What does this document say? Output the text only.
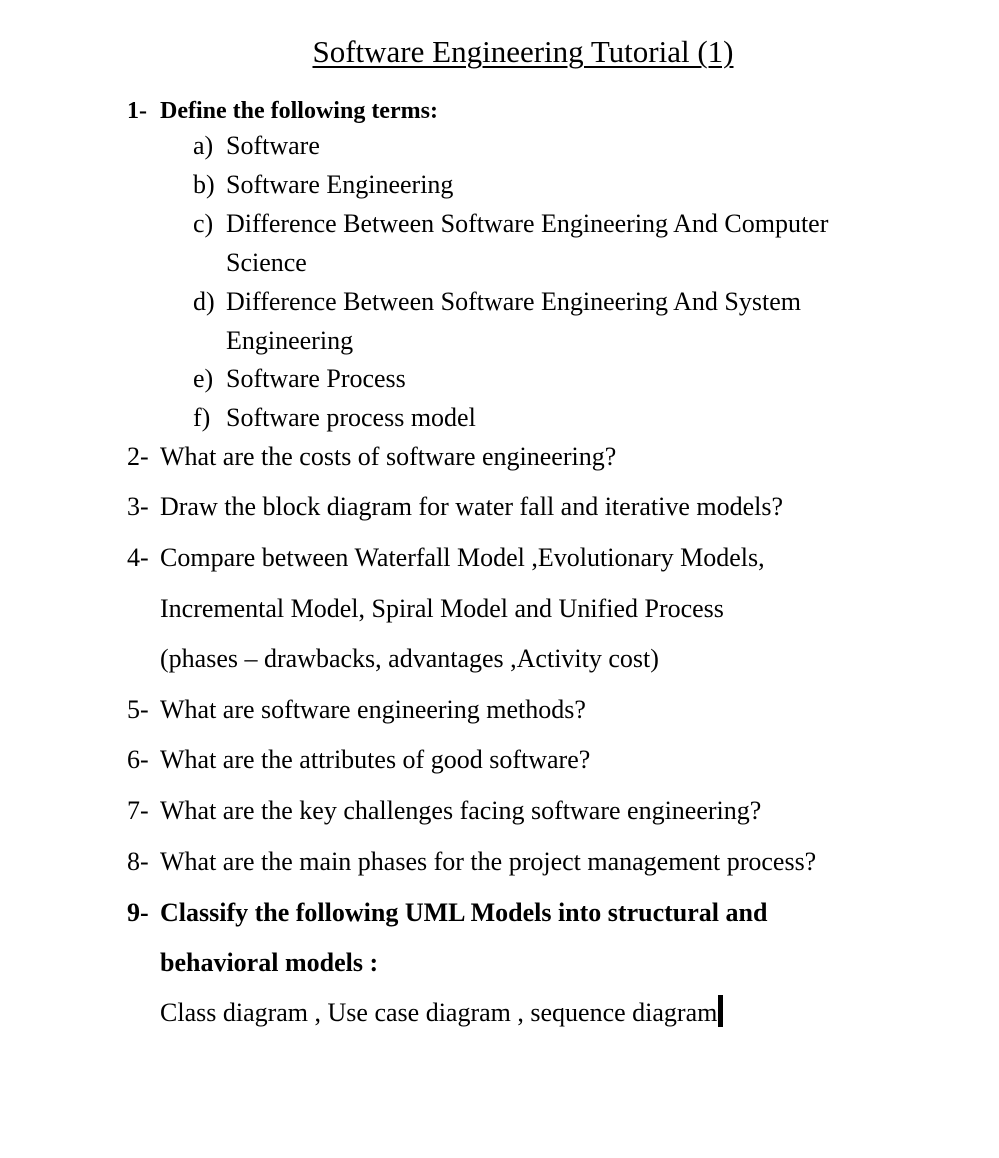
Software Engineering Tutorial (1)
1- Define the following terms:
a) Software
b) Software Engineering
c) Difference Between Software Engineering And Computer
Science
d) Difference Between Software Engineering And System
Engineering
e) Software Process
f) Software process model
2- What are the costs of software engineering?
3- Draw the block diagram for water fall and iterative models?
4- Compare between Waterfall Model ,Evolutionary Models,
Incremental Model, Spiral Model and Unified Process
(phases – drawbacks, advantages ,Activity cost)
5- What are software engineering methods?
6- What are the attributes of good software?
7- What are the key challenges facing software engineering?
8- What are the main phases for the project management process?
9- Classify the following UML Models into structural and
behavioral models :
Class diagram , Use case diagram , sequence diagram
